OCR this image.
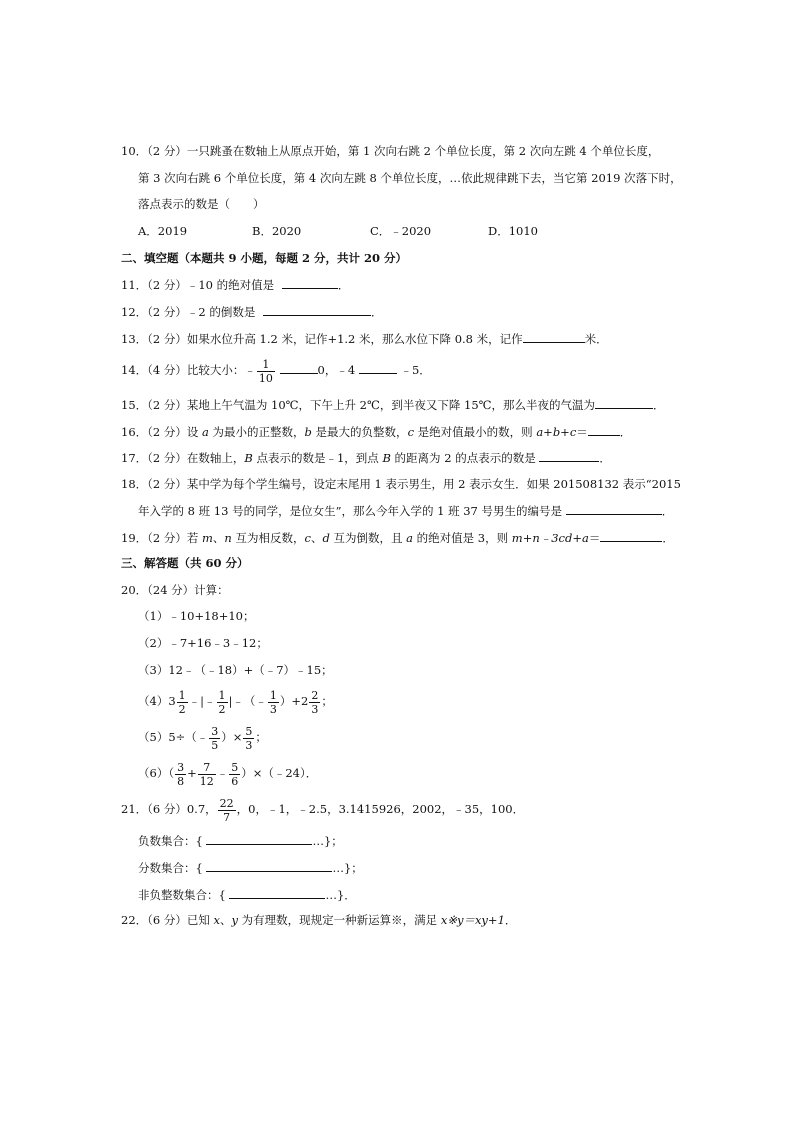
10．（2 分）一只跳蚤在数轴上从原点开始，第 1 次向右跳 2 个单位长度，第 2 次向左跳 4 个单位长度，
第 3 次向右跳 6 个单位长度，第 4 次向左跳 8 个单位长度，…依此规律跳下去，当它第 2019 次落下时，
落点表示的数是（　　）
A．2019	B．2020	C．﹣2020	D．1010
二、填空题（本题共 9 小题，每题 2 分，共计 20 分）
11．（2 分）﹣10 的绝对值是	．
12．（2 分）﹣2 的倒数是	．
13．（2 分）如果水位升高 1.2 米，记作+1.2 米，那么水位下降 0.8 米，记作	米．
14．（4 分）比较大小：﹣ $\frac{1}{10}$	0，﹣4	﹣5．
15．（2 分）某地上午气温为 10℃，下午上升 2℃，到半夜又下降 15℃，那么半夜的气温为	．
16．（2 分）设 a 为最小的正整数，b 是最大的负整数，c 是绝对值最小的数，则 a+b+c＝	．
17．（2 分）在数轴上，B 点表示的数是﹣1，到点 B 的距离为 2 的点表示的数是	．
18．（2 分）某中学为每个学生编号，设定末尾用 1 表示男生，用 2 表示女生．如果 201508132 表示“2015
年入学的 8 班 13 号的同学，是位女生”，那么今年入学的 1 班 37 号男生的编号是	．
19．（2 分）若 m、n 互为相反数，c、d 互为倒数，且 a 的绝对值是 3，则 m+n﹣3cd+a＝	．
三、解答题（共 60 分）
20．（24 分）计算：
（1）﹣10+18+10；
（2）﹣7+16﹣3﹣12；
（3）12﹣（﹣18）+（﹣7）﹣15；
$(4)3 \frac{1}{2}$ ﹣|﹣ $\frac{1}{2}$ |﹣（﹣ $\frac{1}{3} )+2 \frac{2}{3}$ ；
（5）5÷（﹣ $\frac{3}{5}$ ）× $\frac{5}{3}$ ；
$(6)( \frac{3}{8} + \frac{7}{12}$ ﹣ $\frac{5}{6}$ ）×（﹣24）．
21．（6 分）0.7， $\frac{22}{7}$ ，0，﹣1，﹣2.5，3.1415926，2002，﹣35，100．
负数集合：{	…}；
分数集合：{	…}；
非负整数集合：{	…}．
22．（6 分）已知 x、y 为有理数，现规定一种新运算※，满足 x※y＝xy+1．
